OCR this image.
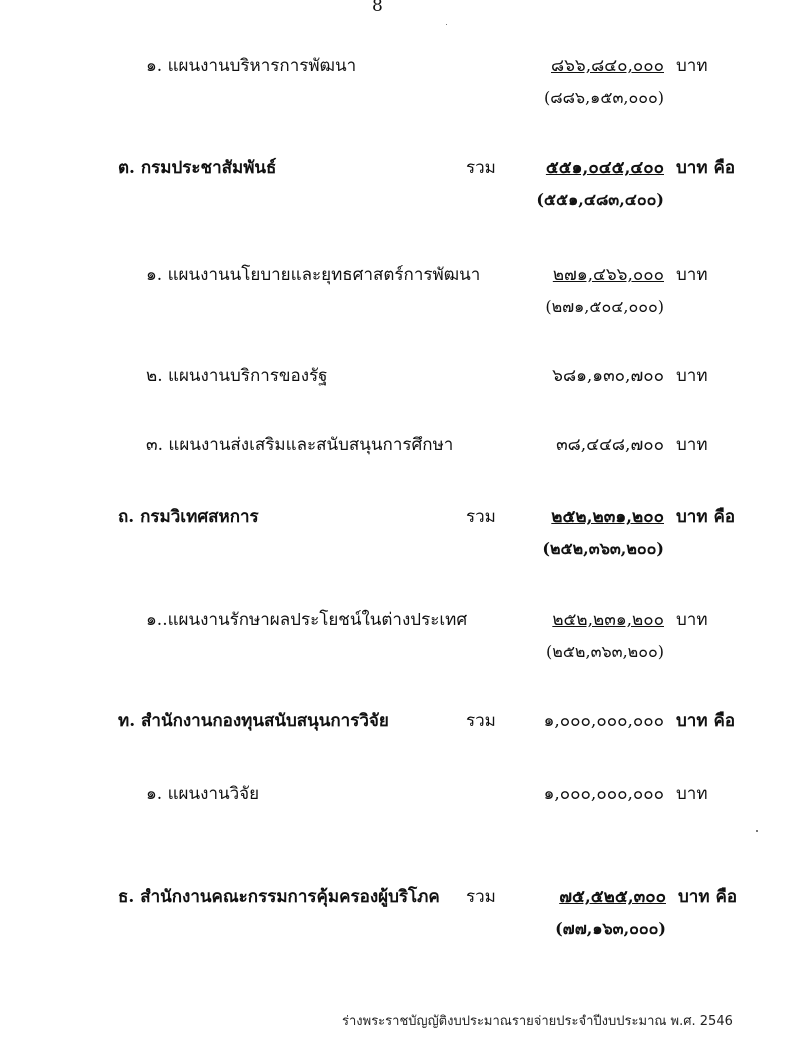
8
๑. แผนงานบริหารการพัฒนา	๘๖๖,๘๔๐,๐๐๐ บาท
(๘๘๖,๑๕๓,๐๐๐)
ต. กรมประชาสัมพันธ์	รวม	๕๕๑,๐๔๕,๔๐๐ บาท คือ
(๕๕๑,๔๘๓,๔๐๐)
๑. แผนงานนโยบายและยุทธศาสตร์การพัฒนา	๒๗๑,๔๖๖,๐๐๐ บาท
(๒๗๑,๕๐๔,๐๐๐)
๒. แผนงานบริการของรัฐ	๖๘๑,๑๓๐,๗๐๐ บาท
๓. แผนงานส่งเสริมและสนับสนุนการศึกษา	๓๘,๔๔๘,๗๐๐ บาท
ถ. กรมวิเทศสหการ	รวม	๒๕๒,๒๓๑,๒๐๐ บาท คือ
(๒๕๒,๓๖๓,๒๐๐)
๑..แผนงานรักษาผลประโยชน์ในต่างประเทศ	๒๕๒,๒๓๑,๒๐๐ บาท
(๒๕๒,๓๖๓,๒๐๐)
ท. สำนักงานกองทุนสนับสนุนการวิจัย	รวม	๑,๐๐๐,๐๐๐,๐๐๐ บาท คือ
๑. แผนงานวิจัย	๑,๐๐๐,๐๐๐,๐๐๐ บาท
ธ. สำนักงานคณะกรรมการคุ้มครองผู้บริโภค รวม	๗๕,๕๒๕,๓๐๐ บาท คือ
(๗๗,๑๖๓,๐๐๐)
ร่างพระราชบัญญัติงบประมาณรายจ่ายประจำปีงบประมาณ พ.ศ. 2546
